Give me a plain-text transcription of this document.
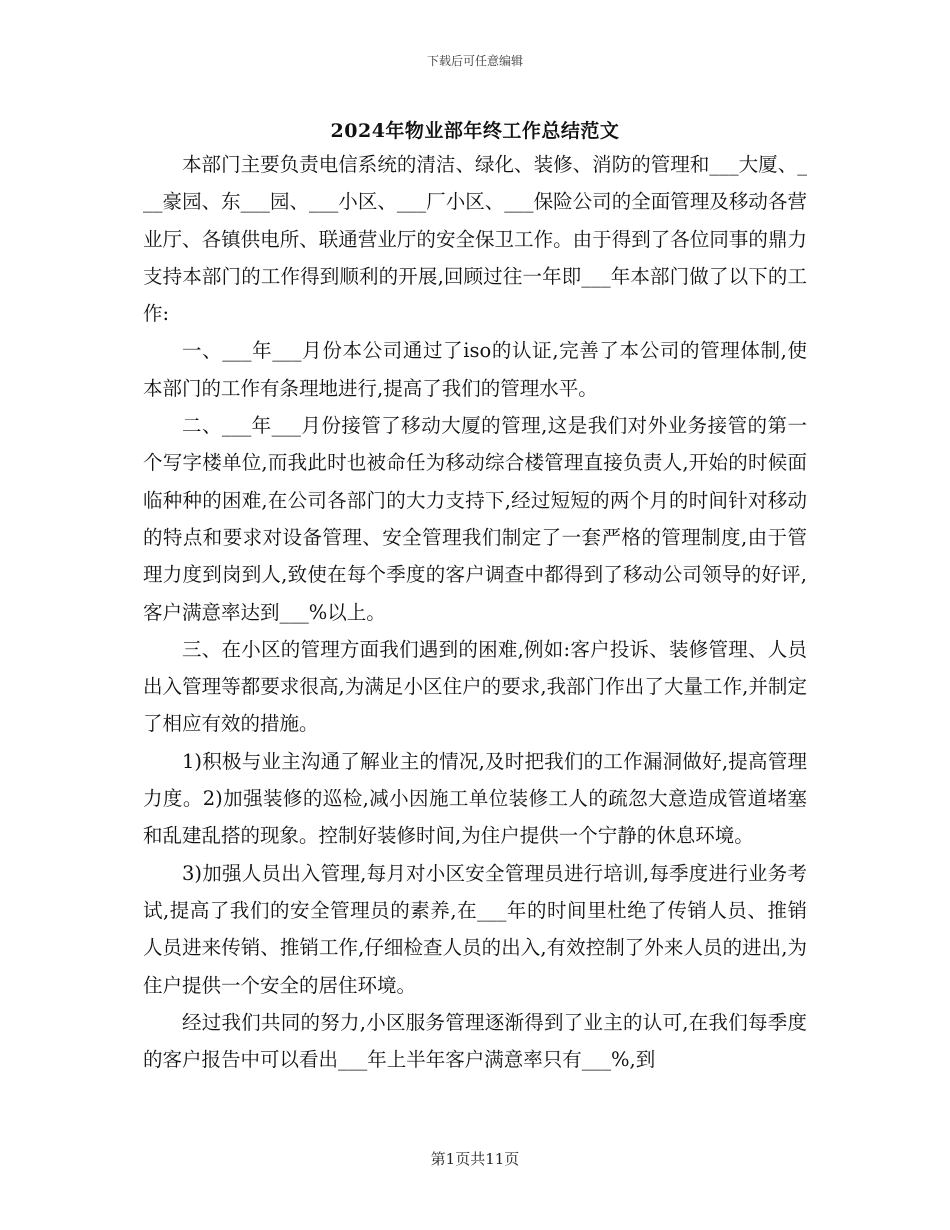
下载后可任意编辑
2024年物业部年终工作总结范文

本部门主要负责电信系统的清洁、绿化、装修、消防的管理和___大厦、___豪园、东___园、___小区、___厂小区、___保险公司的全面管理及移动各营业厅、各镇供电所、联通营业厅的安全保卫工作。由于得到了各位同事的鼎力支持本部门的工作得到顺利的开展,回顾过往一年即___年本部门做了以下的工作:

一、___年___月份本公司通过了iso的认证,完善了本公司的管理体制,使本部门的工作有条理地进行,提高了我们的管理水平。

二、___年___月份接管了移动大厦的管理,这是我们对外业务接管的第一个写字楼单位,而我此时也被命任为移动综合楼管理直接负责人,开始的时候面临种种的困难,在公司各部门的大力支持下,经过短短的两个月的时间针对移动的特点和要求对设备管理、安全管理我们制定了一套严格的管理制度,由于管理力度到岗到人,致使在每个季度的客户调查中都得到了移动公司领导的好评,客户满意率达到___%以上。

三、在小区的管理方面我们遇到的困难,例如:客户投诉、装修管理、人员出入管理等都要求很高,为满足小区住户的要求,我部门作出了大量工作,并制定了相应有效的措施。

1)积极与业主沟通了解业主的情况,及时把我们的工作漏洞做好,提高管理力度。2)加强装修的巡检,减小因施工单位装修工人的疏忽大意造成管道堵塞和乱建乱搭的现象。控制好装修时间,为住户提供一个宁静的休息环境。

3)加强人员出入管理,每月对小区安全管理员进行培训,每季度进行业务考试,提高了我们的安全管理员的素养,在___年的时间里杜绝了传销人员、推销人员进来传销、推销工作,仔细检查人员的出入,有效控制了外来人员的进出,为住户提供一个安全的居住环境。

经过我们共同的努力,小区服务管理逐渐得到了业主的认可,在我们每季度的客户报告中可以看出___年上半年客户满意率只有___%,到

第1页共11页
